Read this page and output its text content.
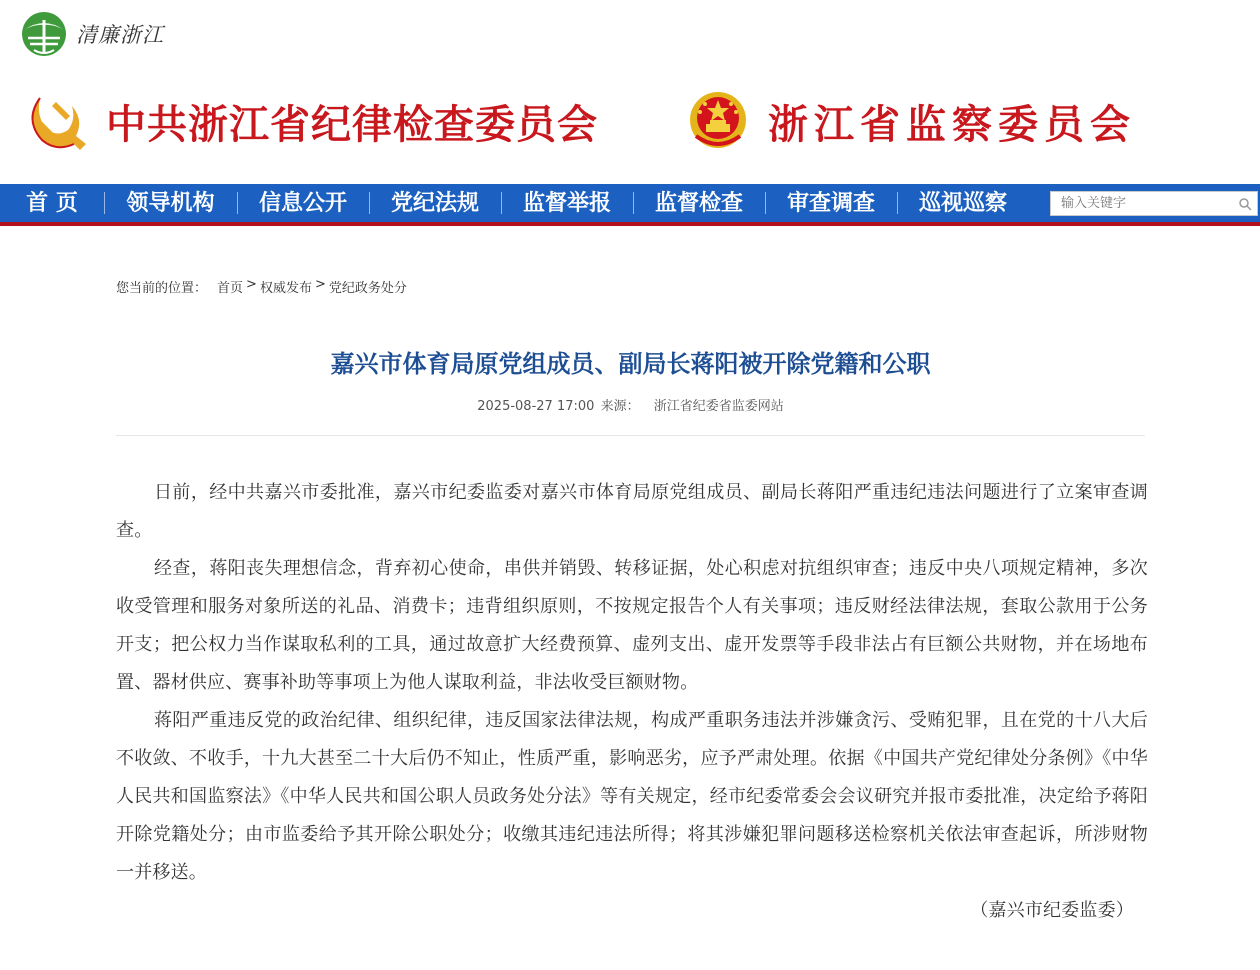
清廉浙江
中共浙江省纪律检查委员会	浙江省监察委员会
首 页	领导机构	信息公开	党纪法规	监督举报	监督检查	审查调查	巡视巡察
输入关键字
您当前的位置： 首页 > 权威发布 > 党纪政务处分
嘉兴市体育局原党组成员、副局长蒋阳被开除党籍和公职
2025-08-27 17:00 来源： 浙江省纪委省监委网站

日前，经中共嘉兴市委批准，嘉兴市纪委监委对嘉兴市体育局原党组成员、副局长蒋阳严重违纪违法问题进行了立案审查调查。

经查，蒋阳丧失理想信念，背弃初心使命，串供并销毁、转移证据，处心积虑对抗组织审查；违反中央八项规定精神，多次收受管理和服务对象所送的礼品、消费卡；违背组织原则，不按规定报告个人有关事项；违反财经法律法规，套取公款用于公务开支；把公权力当作谋取私利的工具，通过故意扩大经费预算、虚列支出、虚开发票等手段非法占有巨额公共财物，并在场地布置、器材供应、赛事补助等事项上为他人谋取利益，非法收受巨额财物。

蒋阳严重违反党的政治纪律、组织纪律，违反国家法律法规，构成严重职务违法并涉嫌贪污、受贿犯罪，且在党的十八大后不收敛、不收手，十九大甚至二十大后仍不知止，性质严重，影响恶劣，应予严肃处理。依据《中国共产党纪律处分条例》《中华人民共和国监察法》《中华人民共和国公职人员政务处分法》等有关规定，经市纪委常委会会议研究并报市委批准，决定给予蒋阳开除党籍处分；由市监委给予其开除公职处分；收缴其违纪违法所得；将其涉嫌犯罪问题移送检察机关依法审查起诉，所涉财物一并移送。

（嘉兴市纪委监委）
